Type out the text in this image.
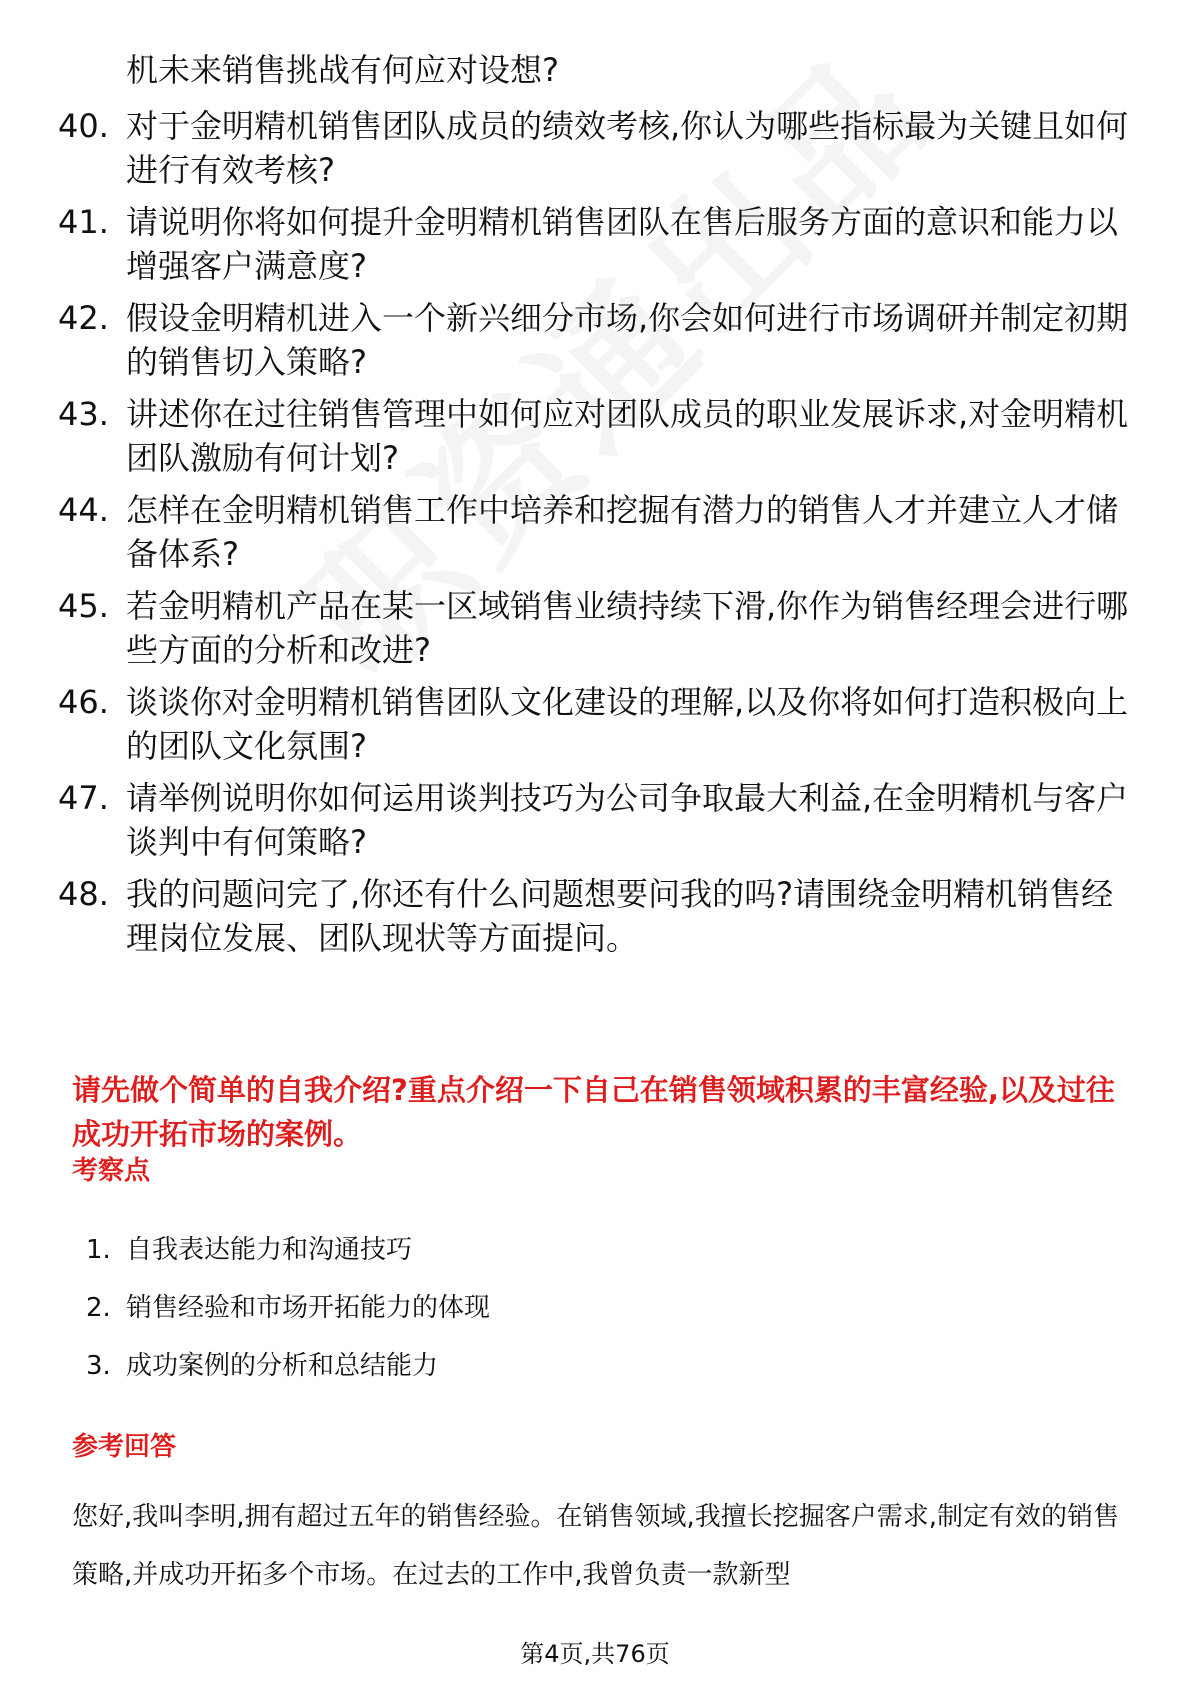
机未来销售挑战有何应对设想?
40. 对于金明精机销售团队成员的绩效考核,你认为哪些指标最为关键且如何进行有效考核?
41. 请说明你将如何提升金明精机销售团队在售后服务方面的意识和能力以增强客户满意度?
42. 假设金明精机进入一个新兴细分市场,你会如何进行市场调研并制定初期的销售切入策略?
43. 讲述你在过往销售管理中如何应对团队成员的职业发展诉求,对金明精机团队激励有何计划?
44. 怎样在金明精机销售工作中培养和挖掘有潜力的销售人才并建立人才储备体系?
45. 若金明精机产品在某一区域销售业绩持续下滑,你作为销售经理会进行哪些方面的分析和改进?
46. 谈谈你对金明精机销售团队文化建设的理解,以及你将如何打造积极向上的团队文化氛围?
47. 请举例说明你如何运用谈判技巧为公司争取最大利益,在金明精机与客户谈判中有何策略?
48. 我的问题问完了,你还有什么问题想要问我的吗?请围绕金明精机销售经理岗位发展、团队现状等方面提问。
请先做个简单的自我介绍?重点介绍一下自己在销售领域积累的丰富经验,以及过往成功开拓市场的案例。
考察点
1. 自我表达能力和沟通技巧
2. 销售经验和市场开拓能力的体现
3. 成功案例的分析和总结能力
参考回答
您好,我叫李明,拥有超过五年的销售经验。在销售领域,我擅长挖掘客户需求,制定有效的销售策略,并成功开拓多个市场。在过去的工作中,我曾负责一款新型
第4页,共76页
